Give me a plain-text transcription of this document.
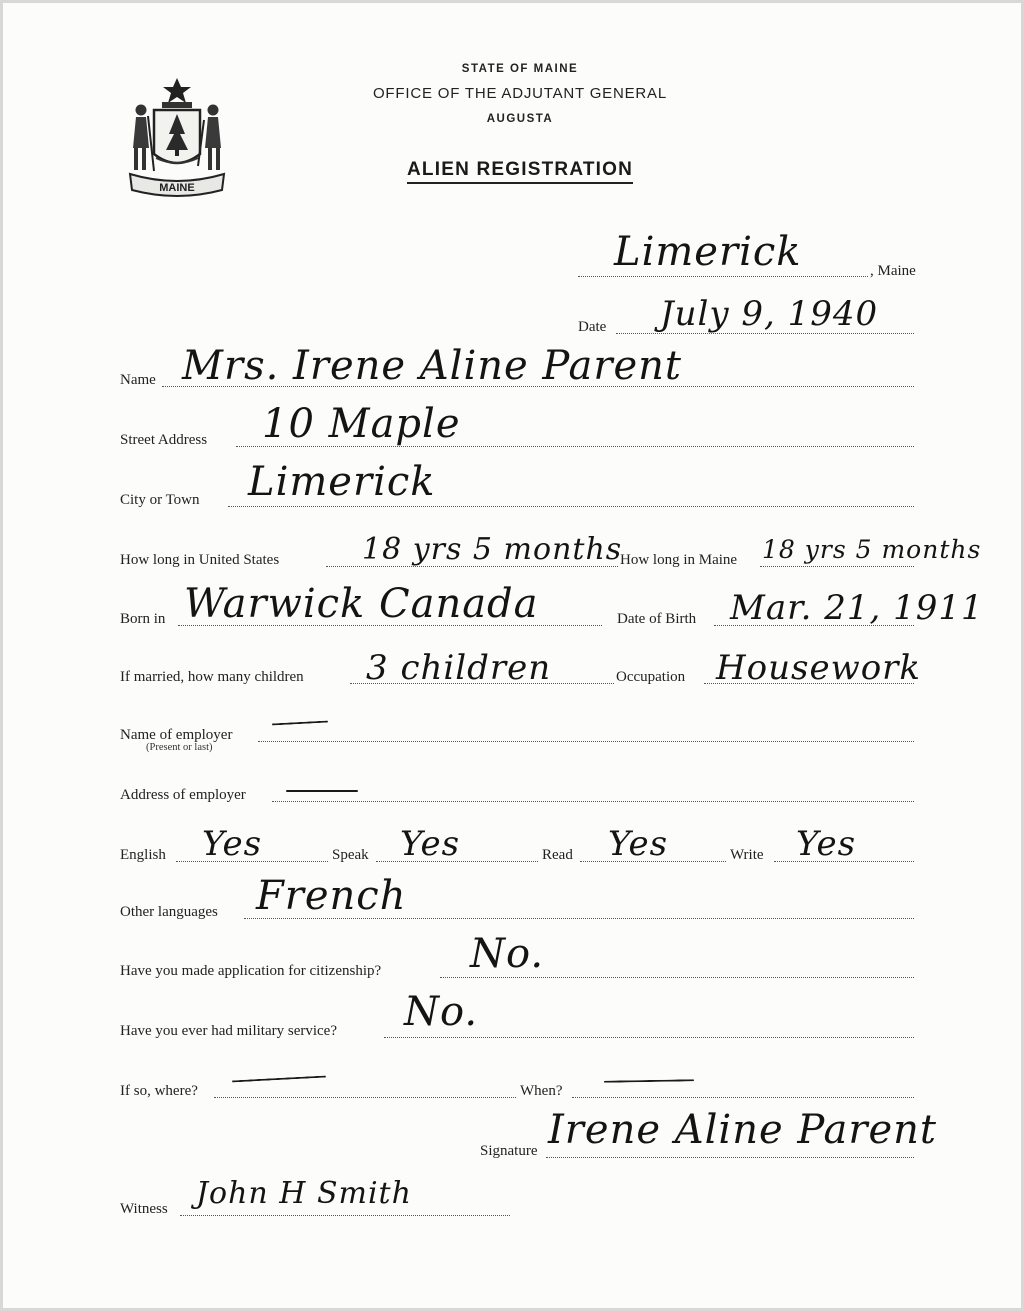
MAINE
STATE OF MAINE
OFFICE OF THE ADJUTANT GENERAL
AUGUSTA
ALIEN REGISTRATION
Limerick	, Maine
Date July 9, 1940
Name Mrs. Irene Aline Parent
Street Address 10 Maple
City or Town Limerick
How long in United States	18 yrs 5 months
How long in Maine 18 yrs 5 months
Born in Warwick Canada	Date of Birth Mar. 21, 1911
If married, how many children 3 children	Occupation Housework
Name of employer
(Present or last)
Address of employer
English Yes	Speak Yes	Read Yes	Write Yes
Other languages French
Have you made application for citizenship? No.
Have you ever had military service? No.
If so, where?	When?
Signature Irene Aline Parent
Witness John H Smith
